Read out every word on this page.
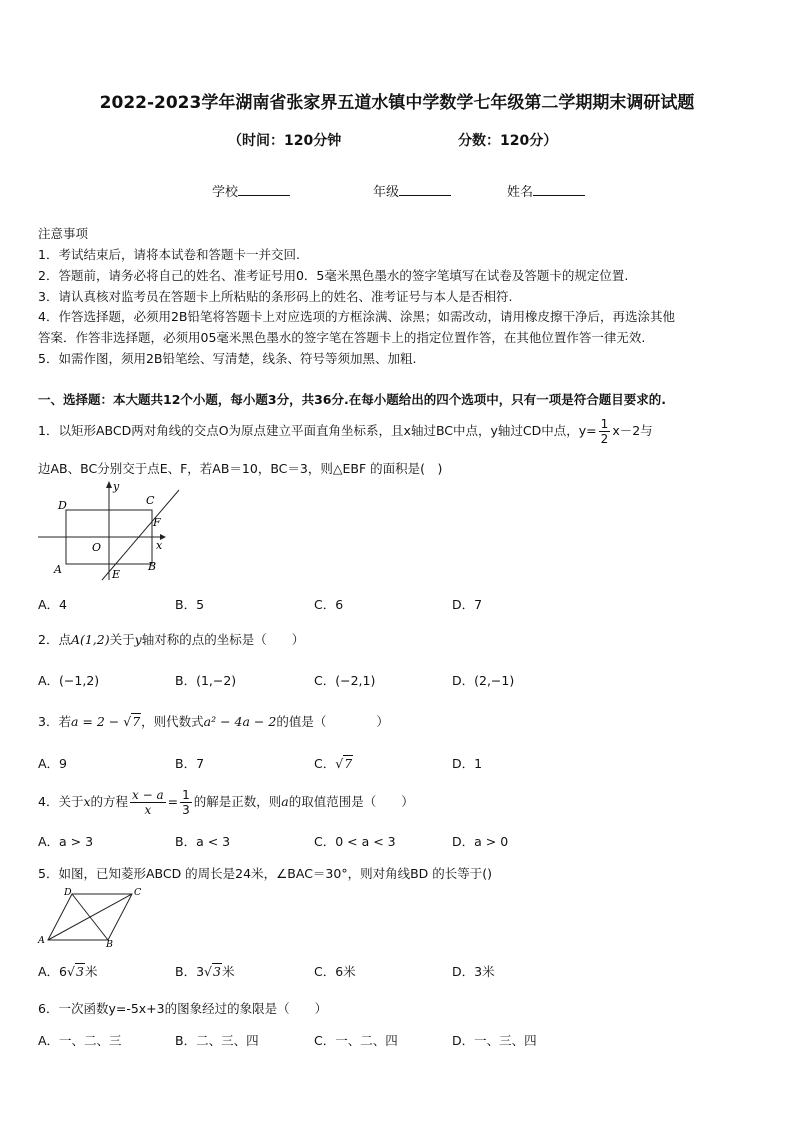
2022-2023学年湖南省张家界五道水镇中学数学七年级第二学期期末调研试题
（时间：120分钟	分数：120分）
学校	年级	姓名
注意事项
1．考试结束后，请将本试卷和答题卡一并交回.
2．答题前，请务必将自己的姓名、准考证号用0．5毫米黑色墨水的签字笔填写在试卷及答题卡的规定位置.
3．请认真核对监考员在答题卡上所粘贴的条形码上的姓名、准考证号与本人是否相符.
4．作答选择题，必须用2B铅笔将答题卡上对应选项的方框涂满、涂黑；如需改动，请用橡皮擦干净后，再选涂其他
答案．作答非选择题，必须用05毫米黑色墨水的签字笔在答题卡上的指定位置作答，在其他位置作答一律无效.
5．如需作图，须用2B铅笔绘、写清楚，线条、符号等须加黑、加粗.
一、选择题：本大题共12个小题，每小题3分，共36分.在每小题给出的四个选项中，只有一项是符合题目要求的.
1．以矩形ABCD两对角线的交点O为原点建立平面直角坐标系，且x轴过BC中点，y轴过CD中点，$y= \frac{1}{2} x-2$与
边AB、BC分别交于点E、F，若AB＝10，BC＝3，则△EBF 的面积是(　)
D	C
y
F
O	x
A	E
B
A．4	B．5	C．6	D．7
2．点A(1,2)关于y轴对称的点的坐标是（　　）
A．(−1,2)	B．(1,−2)	C．(−2,1)	D．(2,−1)
3．若a = 2 − √7，则代数式a² − 4a − 2的值是（　　　　）
A．9	B．7	C．√7	D．1
4．关于x的方程 $\frac{x - a}{x} = \frac{1}{3}$ 的解是正数，则a的取值范围是（　　）
A．a > 3	B．a < 3	C．0 < a < 3	D．a > 0
5．如图，已知菱形ABCD 的周长是24米，∠BAC＝30°，则对角线BD 的长等于()
D	C
A	B
A．6√3米	B．3√3米	C．6米	D．3米
6．一次函数y=-5x+3的图象经过的象限是（　　）
A．一、二、三	B．二、三、四	C．一、二、四	D．一、三、四
